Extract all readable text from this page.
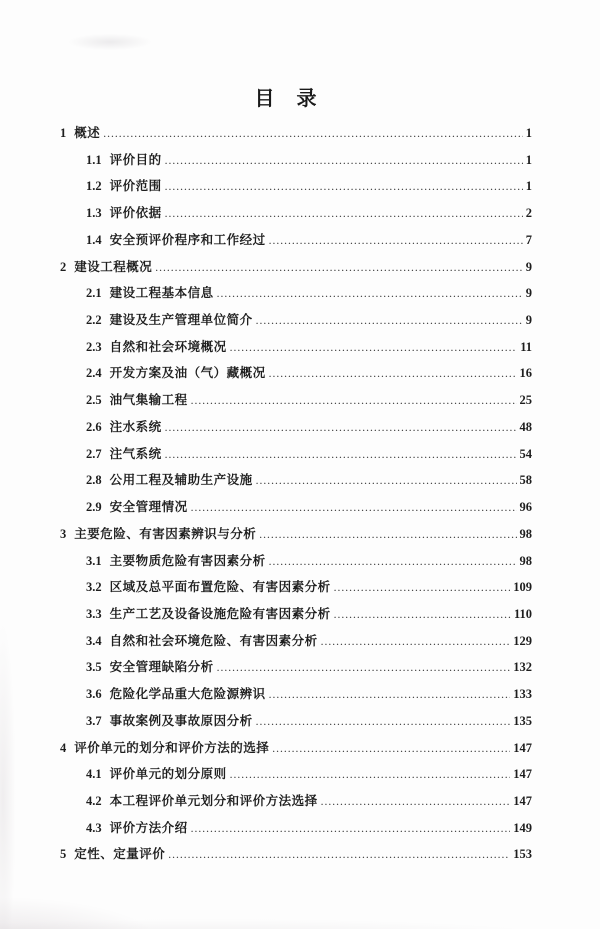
目　录
1 概述 .....	1
1.1 评价目的 .....	1
1.2 评价范围 .....	1
1.3 评价依据 .....	2
1.4 安全预评价程序和工作经过 .....	7
2 建设工程概况 .....	9
2.1 建设工程基本信息 .....	9
2.2 建设及生产管理单位简介 .....	9
2.3 自然和社会环境概况 .....	11
2.4 开发方案及油（气）藏概况 .....	16
2.5 油气集输工程 .....	25
2.6 注水系统 .....	48
2.7 注气系统 .....	54
2.8 公用工程及辅助生产设施 .....	58
2.9 安全管理情况 .....	96
3 主要危险、有害因素辨识与分析 .....	98
3.1 主要物质危险有害因素分析 .....	98
3.2 区域及总平面布置危险、有害因素分析 .....	109
3.3 生产工艺及设备设施危险有害因素分析 .....	110
3.4 自然和社会环境危险、有害因素分析 .....	129
3.5 安全管理缺陷分析 .....	132
3.6 危险化学品重大危险源辨识 .....	133
3.7 事故案例及事故原因分析 .....	135
4 评价单元的划分和评价方法的选择 .....	147
4.1 评价单元的划分原则 .....	147
4.2 本工程评价单元划分和评价方法选择 .....	147
4.3 评价方法介绍 .....	149
5 定性、定量评价 .....	153
